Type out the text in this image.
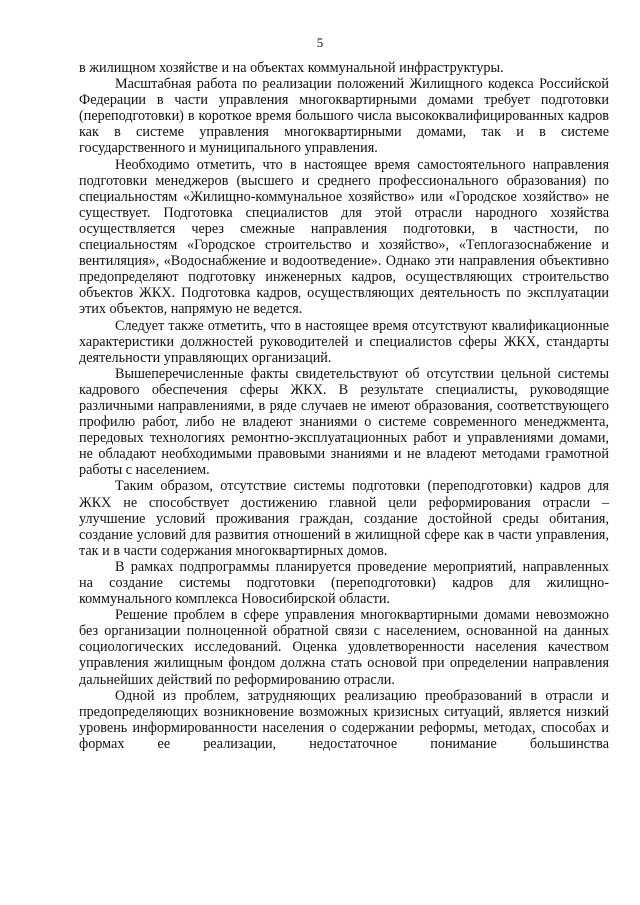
5

в жилищном хозяйстве и на объектах коммунальной инфраструктуры.

Масштабная работа по реализации положений Жилищного кодекса Российской Федерации в части управления многоквартирными домами требует подготовки (переподготовки) в короткое время большого числа высококвалифицированных кадров как в системе управления многоквартирными домами, так и в системе государственного и муниципального управления.

Необходимо отметить, что в настоящее время самостоятельного направления подготовки менеджеров (высшего и среднего профессионального образования) по специальностям «Жилищно-коммунальное хозяйство» или «Городское хозяйство» не существует. Подготовка специалистов для этой отрасли народного хозяйства осуществляется через смежные направления подготовки, в частности, по специальностям «Городское строительство и хозяйство», «Теплогазоснабжение и вентиляция», «Водоснабжение и водоотведение». Однако эти направления объективно предопределяют подготовку инженерных кадров, осуществляющих строительство объектов ЖКХ. Подготовка кадров, осуществляющих деятельность по эксплуатации этих объектов, напрямую не ведется.

Следует также отметить, что в настоящее время отсутствуют квалификационные характеристики должностей руководителей и специалистов сферы ЖКХ, стандарты деятельности управляющих организаций.

Вышеперечисленные факты свидетельствуют об отсутствии цельной системы кадрового обеспечения сферы ЖКХ. В результате специалисты, руководящие различными направлениями, в ряде случаев не имеют образования, соответствующего профилю работ, либо не владеют знаниями о системе современного менеджмента, передовых технологиях ремонтно-эксплуатационных работ и управлениями домами, не обладают необходимыми правовыми знаниями и не владеют методами грамотной работы с населением.

Таким образом, отсутствие системы подготовки (переподготовки) кадров для ЖКХ не способствует достижению главной цели реформирования отрасли – улучшение условий проживания граждан, создание достойной среды обитания, создание условий для развития отношений в жилищной сфере как в части управления, так и в части содержания многоквартирных домов.

В рамках подпрограммы планируется проведение мероприятий, направленных на создание системы подготовки (переподготовки) кадров для жилищно-коммунального комплекса Новосибирской области.

Решение проблем в сфере управления многоквартирными домами невозможно без организации полноценной обратной связи с населением, основанной на данных социологических исследований. Оценка удовлетворенности населения качеством управления жилищным фондом должна стать основой при определении направления дальнейших действий по реформированию отрасли.

Одной из проблем, затрудняющих реализацию преобразований в отрасли и предопределяющих возникновение возможных кризисных ситуаций, является низкий уровень информированности населения о содержании реформы, методах, способах и формах ее реализации, недостаточное понимание большинства
